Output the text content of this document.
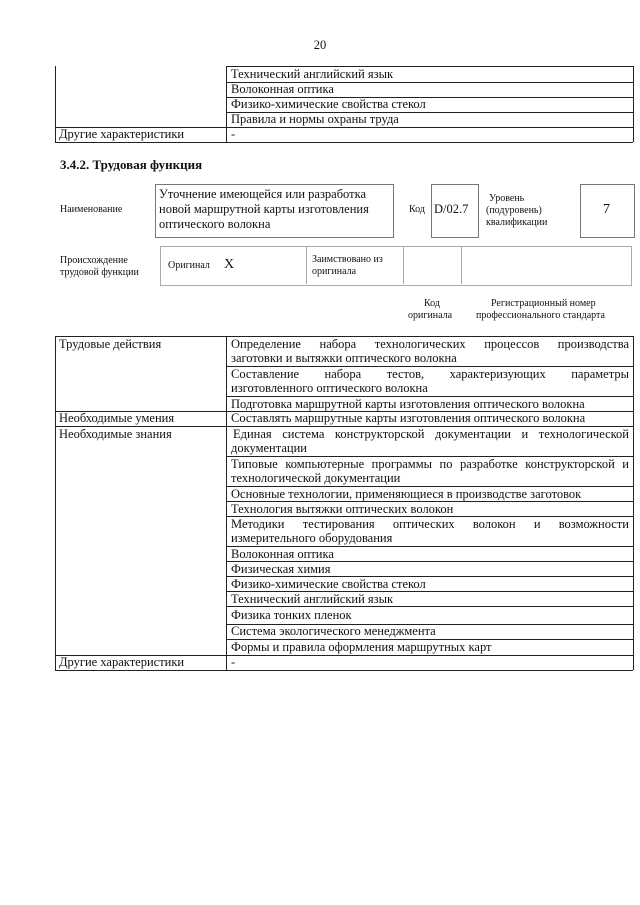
20
Технический английский язык
Волоконная оптика
Физико-химические свойства стекол
Правила и нормы охраны труда
Другие характеристики	-
3.4.2. Трудовая функция
Наименование
Уточнение имеющейся или разработка
новой маршрутной карты изготовления
оптического волокна
Код D/02.7
Уровень
(подуровень)
квалификации
7
Происхождение
трудовой функции
Оригинал X	Заимствовано из
оригинала
Код
оригинала
Регистрационный номер
профессионального стандарта
Трудовые действия	Определение набора технологических процессов производства
заготовки и вытяжки оптического волокна
Составление набора тестов, характеризующих параметры
изготовленного оптического волокна
Подготовка маршрутной карты изготовления оптического волокна
Необходимые умения	Составлять маршрутные карты изготовления оптического волокна
Необходимые знания	Единая система конструкторской документации и технологической
документации
Типовые компьютерные программы по разработке конструкторской и
технологической документации
Основные технологии, применяющиеся в производстве заготовок
Технология вытяжки оптических волокон
Методики тестирования оптических волокон и возможности
измерительного оборудования
Волоконная оптика
Физическая химия
Физико-химические свойства стекол
Технический английский язык
Физика тонких пленок
Система экологического менеджмента
Формы и правила оформления маршрутных карт
Другие характеристики	-
